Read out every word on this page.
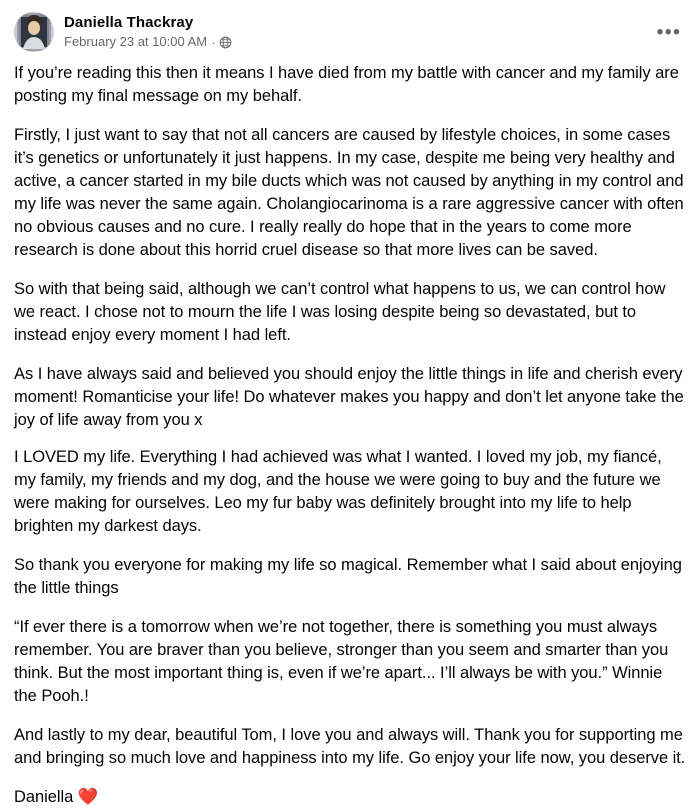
Daniella Thackray
February 23 at 10:00 AM ·	•••

If you’re reading this then it means I have died from my battle with cancer and my family are posting my final message on my behalf.

Firstly, I just want to say that not all cancers are caused by lifestyle choices, in some cases it’s genetics or unfortunately it just happens. In my case, despite me being very healthy and active, a cancer started in my bile ducts which was not caused by anything in my control and my life was never the same again. Cholangiocarinoma is a rare aggressive cancer with often no obvious causes and no cure. I really really do hope that in the years to come more research is done about this horrid cruel disease so that more lives can be saved.

So with that being said, although we can’t control what happens to us, we can control how we react. I chose not to mourn the life I was losing despite being so devastated, but to instead enjoy every moment I had left.

As I have always said and believed you should enjoy the little things in life and cherish every moment! Romanticise your life! Do whatever makes you happy and don’t let anyone take the joy of life away from you x

I LOVED my life. Everything I had achieved was what I wanted. I loved my job, my fiancé, my family, my friends and my dog, and the house we were going to buy and the future we were making for ourselves. Leo my fur baby was definitely brought into my life to help brighten my darkest days.

So thank you everyone for making my life so magical. Remember what I said about enjoying the little things

“If ever there is a tomorrow when we’re not together, there is something you must always remember. You are braver than you believe, stronger than you seem and smarter than you think. But the most important thing is, even if we’re apart... I’ll always be with you.” Winnie the Pooh.!

And lastly to my dear, beautiful Tom, I love you and always will. Thank you for supporting me and bringing so much love and happiness into my life. Go enjoy your life now, you deserve it.

Daniella ❤️
